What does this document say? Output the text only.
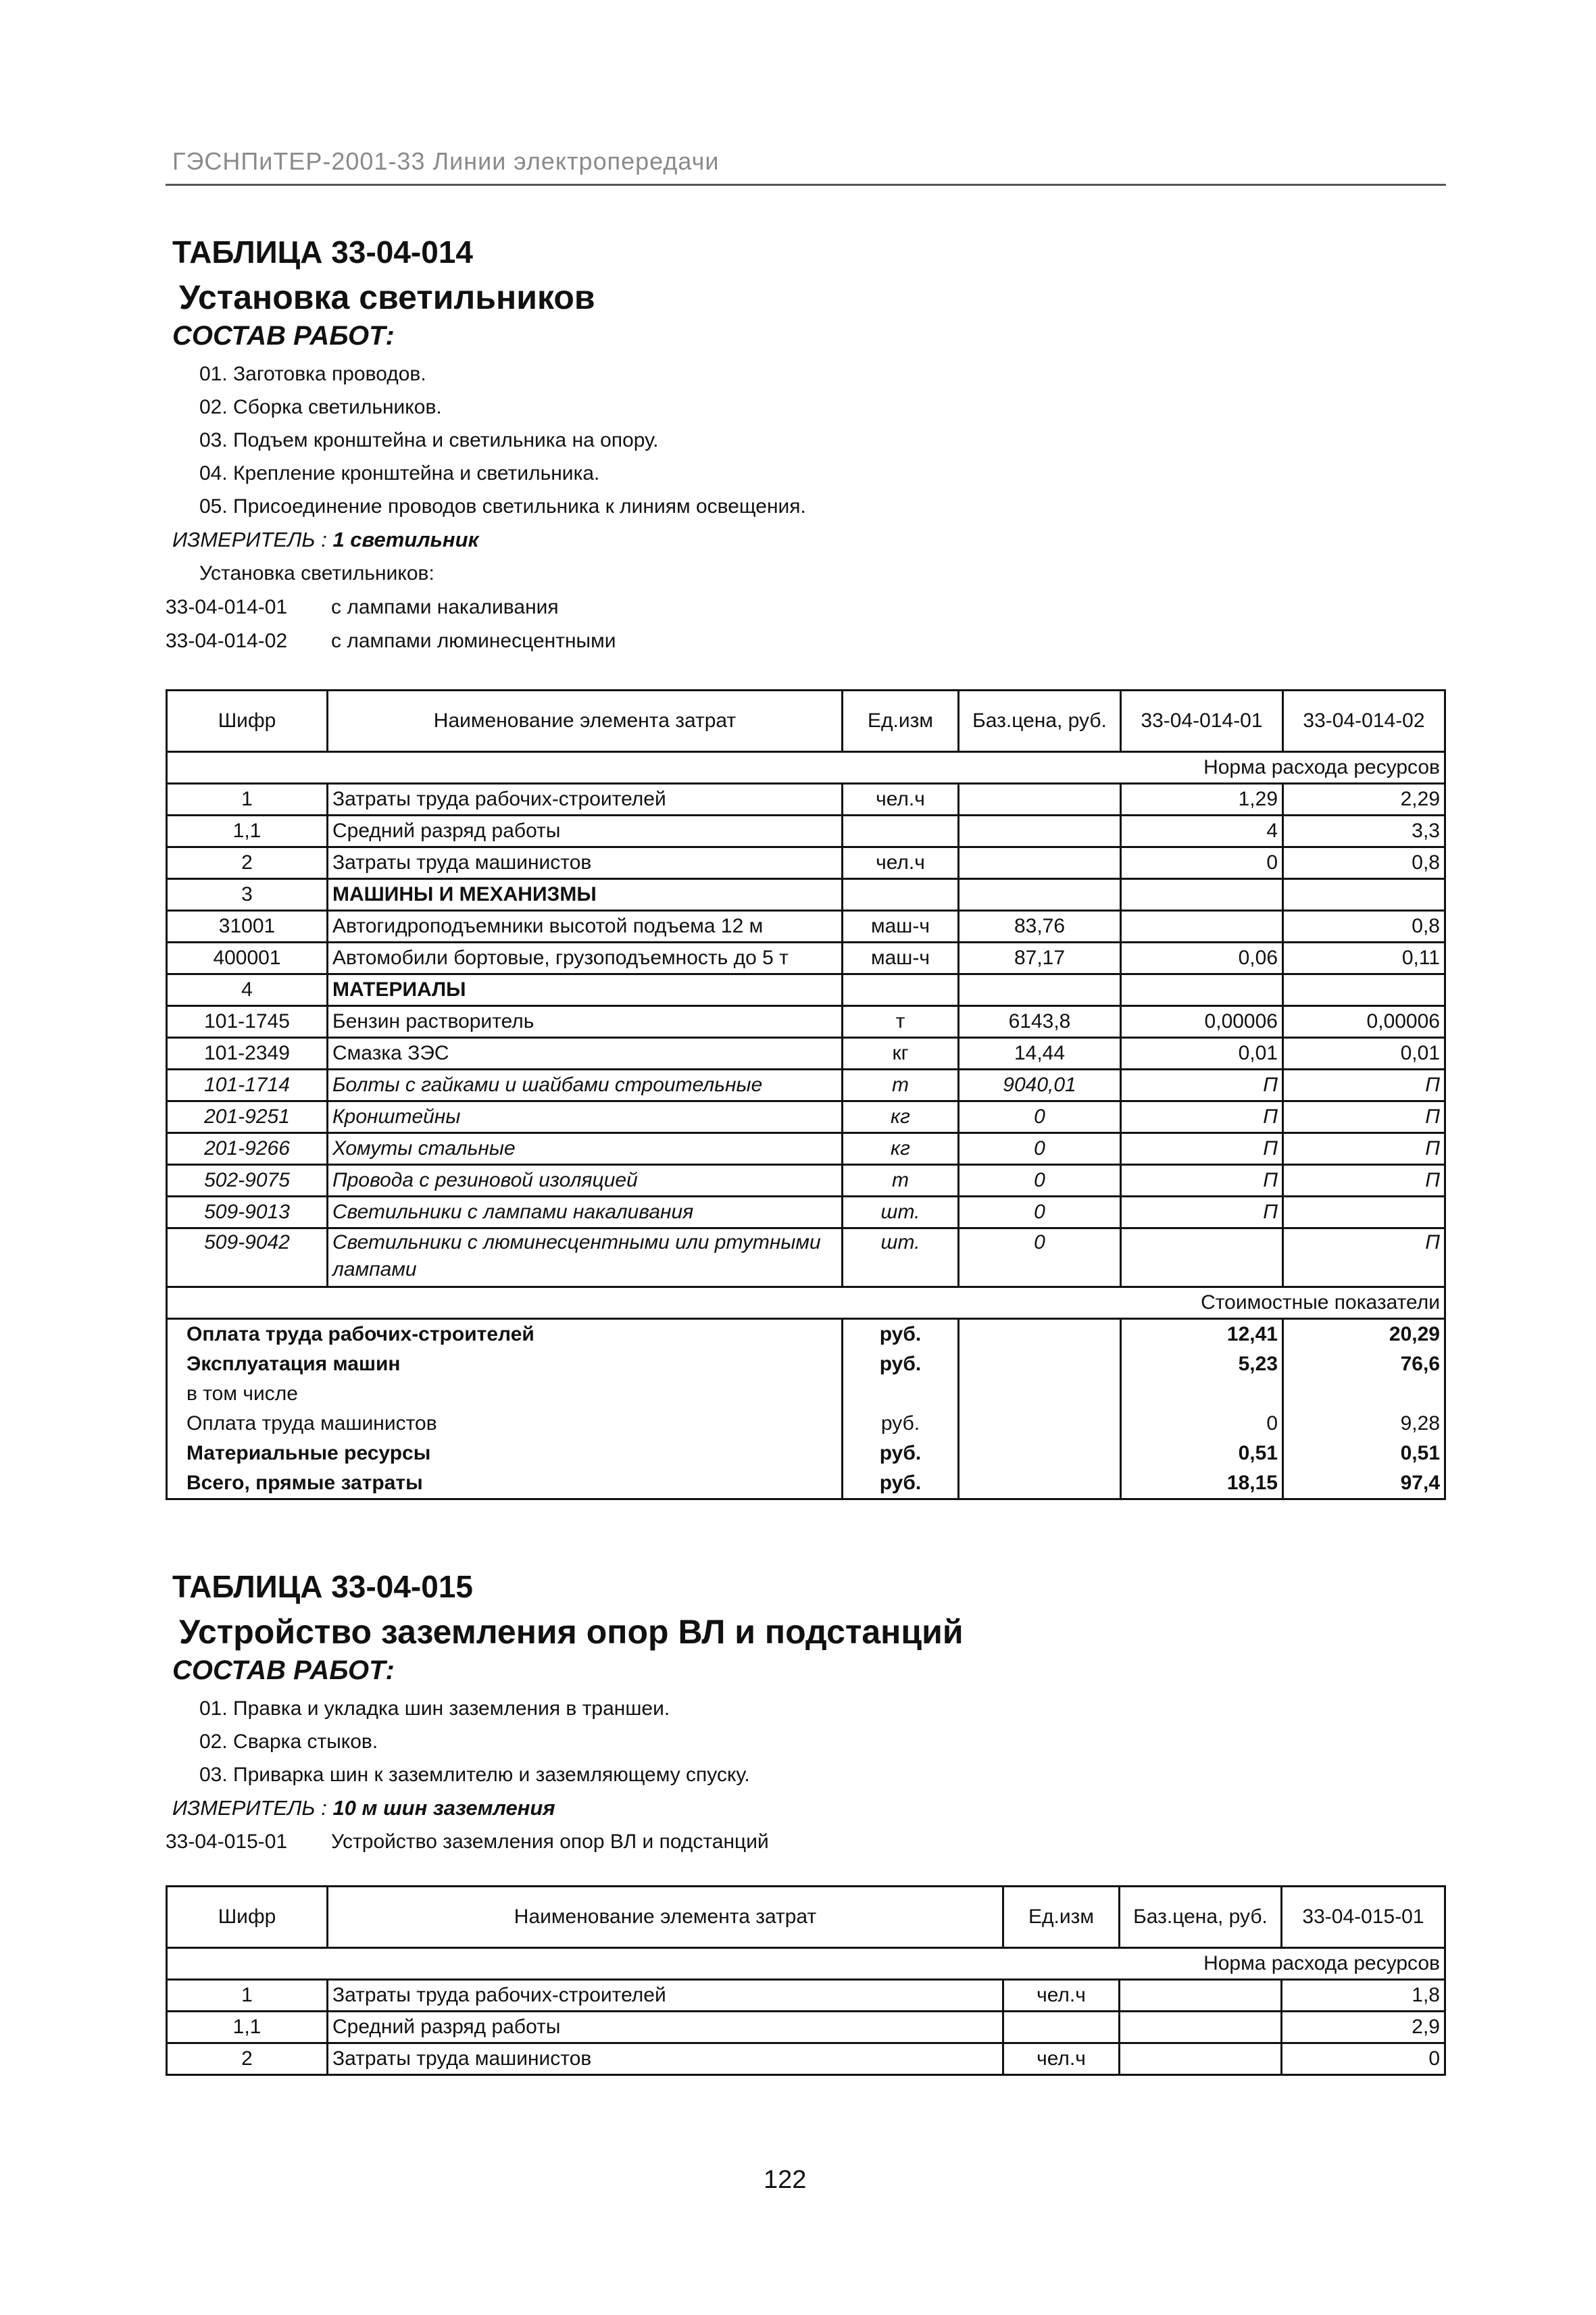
ГЭСНПиТЕР-2001-33 Линии электропередачи
ТАБЛИЦА 33-04-014
Установка светильников
СОСТАВ РАБОТ:
01. Заготовка проводов.
02. Сборка светильников.
03. Подъем кронштейна и светильника на опору.
04. Крепление кронштейна и светильника.
05. Присоединение проводов светильника к линиям освещения.
ИЗМЕРИТЕЛЬ : 1 светильник
Установка светильников:
33-04-014-01	с лампами накаливания
33-04-014-02	с лампами люминесцентными
Шифр	Наименование элемента затрат	Ед.изм	Баз.цена, руб.	33-04-014-01	33-04-014-02
Норма расхода ресурсов					
1	Затраты труда рабочих-строителей	чел.ч		1,29	2,29
1,1	Средний разряд работы			4	3,3
2	Затраты труда машинистов	чел.ч		0	0,8
3	МАШИНЫ И МЕХАНИЗМЫ				
31001	Автогидроподъемники высотой подъема 12 м	маш-ч	83,76		0,8
400001	Автомобили бортовые, грузоподъемность до 5 т	маш-ч	87,17	0,06	0,11
4	МАТЕРИАЛЫ				
101-1745	Бензин растворитель	т	6143,8	0,00006	0,00006
101-2349	Смазка ЗЭС	кг	14,44	0,01	0,01
101-1714	Болты с гайками и шайбами строительные	т	9040,01	П	П
201-9251	Кронштейны	кг	0	П	П
201-9266	Хомуты стальные	кг	0	П	П
502-9075	Провода с резиновой изоляцией	т	0	П	П
509-9013	Светильники с лампами накаливания	шт.	0	П	
509-9042	Светильники с люминесцентными или ртутными лампами	шт.	0		П
Стоимостные показатели					
Оплата труда рабочих-строителей		руб.		12,41	20,29
Эксплуатация машин		руб.		5,23	76,6
в том числе					
Оплата труда машинистов		руб.		0	9,28
Материальные ресурсы		руб.		0,51	0,51
Всего, прямые затраты		руб.		18,15	97,4
ТАБЛИЦА 33-04-015
Устройство заземления опор ВЛ и подстанций
СОСТАВ РАБОТ:
01. Правка и укладка шин заземления в траншеи.
02. Сварка стыков.
03. Приварка шин к заземлителю и заземляющему спуску.
ИЗМЕРИТЕЛЬ : 10 м шин заземления
33-04-015-01	Устройство заземления опор ВЛ и подстанций
Шифр	Наименование элемента затрат	Ед.изм	Баз.цена, руб.	33-04-015-01
Норма расхода ресурсов				
1	Затраты труда рабочих-строителей	чел.ч		1,8
1,1	Средний разряд работы			2,9
2	Затраты труда машинистов	чел.ч		0
122
